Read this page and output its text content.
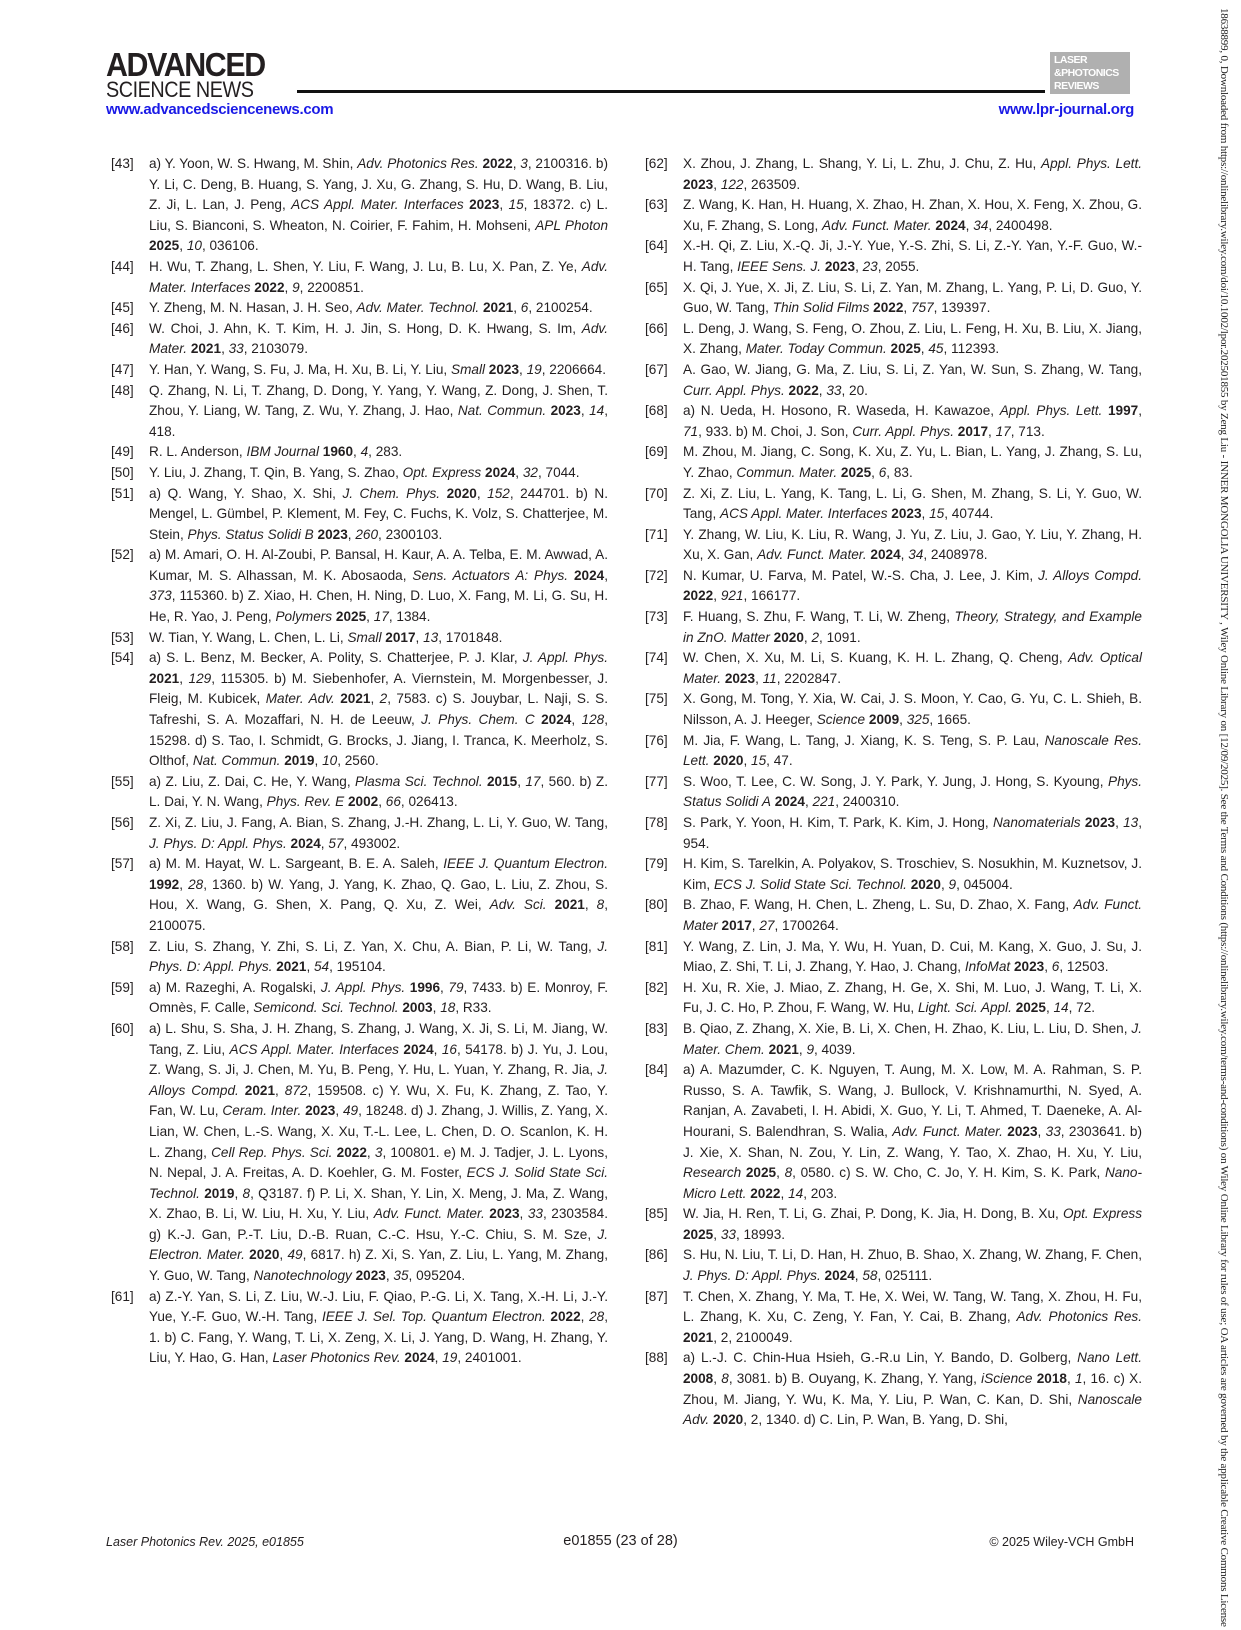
ADVANCED
SCIENCE NEWS
LASER
&PHOTONICS
REVIEWS
www.advancedsciencenews.com	www.lpr-journal.org
[43]	a) Y. Yoon, W. S. Hwang, M. Shin, Adv. Photonics Res. 2022, 3, 2100316. b) Y. Li, C. Deng, B. Huang, S. Yang, J. Xu, G. Zhang, S. Hu, D. Wang, B. Liu, Z. Ji, L. Lan, J. Peng, ACS Appl. Mater. Interfaces 2023, 15, 18372. c) L. Liu, S. Bianconi, S. Wheaton, N. Coirier, F. Fahim, H. Mohseni, APL Photon 2025, 10, 036106.
[44]	H. Wu, T. Zhang, L. Shen, Y. Liu, F. Wang, J. Lu, B. Lu, X. Pan, Z. Ye, Adv. Mater. Interfaces 2022, 9, 2200851.
[45]	Y. Zheng, M. N. Hasan, J. H. Seo, Adv. Mater. Technol. 2021, 6, 2100254.
[46]	W. Choi, J. Ahn, K. T. Kim, H. J. Jin, S. Hong, D. K. Hwang, S. Im, Adv. Mater. 2021, 33, 2103079.
[47]	Y. Han, Y. Wang, S. Fu, J. Ma, H. Xu, B. Li, Y. Liu, Small 2023, 19, 2206664.
[48]	Q. Zhang, N. Li, T. Zhang, D. Dong, Y. Yang, Y. Wang, Z. Dong, J. Shen, T. Zhou, Y. Liang, W. Tang, Z. Wu, Y. Zhang, J. Hao, Nat. Commun. 2023, 14, 418.
[49]	R. L. Anderson, IBM Journal 1960, 4, 283.
[50]	Y. Liu, J. Zhang, T. Qin, B. Yang, S. Zhao, Opt. Express 2024, 32, 7044.
[51]	a) Q. Wang, Y. Shao, X. Shi, J. Chem. Phys. 2020, 152, 244701. b) N. Mengel, L. Gümbel, P. Klement, M. Fey, C. Fuchs, K. Volz, S. Chatterjee, M. Stein, Phys. Status Solidi B 2023, 260, 2300103.
[52]	a) M. Amari, O. H. Al-Zoubi, P. Bansal, H. Kaur, A. A. Telba, E. M. Awwad, A. Kumar, M. S. Alhassan, M. K. Abosaoda, Sens. Actuators A: Phys. 2024, 373, 115360. b) Z. Xiao, H. Chen, H. Ning, D. Luo, X. Fang, M. Li, G. Su, H. He, R. Yao, J. Peng, Polymers 2025, 17, 1384.
[53]	W. Tian, Y. Wang, L. Chen, L. Li, Small 2017, 13, 1701848.
[54]	a) S. L. Benz, M. Becker, A. Polity, S. Chatterjee, P. J. Klar, J. Appl. Phys. 2021, 129, 115305. b) M. Siebenhofer, A. Viernstein, M. Morgenbesser, J. Fleig, M. Kubicek, Mater. Adv. 2021, 2, 7583. c) S. Jouybar, L. Naji, S. S. Tafreshi, S. A. Mozaffari, N. H. de Leeuw, J. Phys. Chem. C 2024, 128, 15298. d) S. Tao, I. Schmidt, G. Brocks, J. Jiang, I. Tranca, K. Meerholz, S. Olthof, Nat. Commun. 2019, 10, 2560.
[55]	a) Z. Liu, Z. Dai, C. He, Y. Wang, Plasma Sci. Technol. 2015, 17, 560. b) Z. L. Dai, Y. N. Wang, Phys. Rev. E 2002, 66, 026413.
[56]	Z. Xi, Z. Liu, J. Fang, A. Bian, S. Zhang, J.-H. Zhang, L. Li, Y. Guo, W. Tang, J. Phys. D: Appl. Phys. 2024, 57, 493002.
[57]	a) M. M. Hayat, W. L. Sargeant, B. E. A. Saleh, IEEE J. Quantum Electron. 1992, 28, 1360. b) W. Yang, J. Yang, K. Zhao, Q. Gao, L. Liu, Z. Zhou, S. Hou, X. Wang, G. Shen, X. Pang, Q. Xu, Z. Wei, Adv. Sci. 2021, 8, 2100075.
[58]	Z. Liu, S. Zhang, Y. Zhi, S. Li, Z. Yan, X. Chu, A. Bian, P. Li, W. Tang, J. Phys. D: Appl. Phys. 2021, 54, 195104.
[59]	a) M. Razeghi, A. Rogalski, J. Appl. Phys. 1996, 79, 7433. b) E. Monroy, F. Omnès, F. Calle, Semicond. Sci. Technol. 2003, 18, R33.
[60]	a) L. Shu, S. Sha, J. H. Zhang, S. Zhang, J. Wang, X. Ji, S. Li, M. Jiang, W. Tang, Z. Liu, ACS Appl. Mater. Interfaces 2024, 16, 54178. b) J. Yu, J. Lou, Z. Wang, S. Ji, J. Chen, M. Yu, B. Peng, Y. Hu, L. Yuan, Y. Zhang, R. Jia, J. Alloys Compd. 2021, 872, 159508. c) Y. Wu, X. Fu, K. Zhang, Z. Tao, Y. Fan, W. Lu, Ceram. Inter. 2023, 49, 18248. d) J. Zhang, J. Willis, Z. Yang, X. Lian, W. Chen, L.-S. Wang, X. Xu, T.-L. Lee, L. Chen, D. O. Scanlon, K. H. L. Zhang, Cell Rep. Phys. Sci. 2022, 3, 100801. e) M. J. Tadjer, J. L. Lyons, N. Nepal, J. A. Freitas, A. D. Koehler, G. M. Foster, ECS J. Solid State Sci. Technol. 2019, 8, Q3187. f) P. Li, X. Shan, Y. Lin, X. Meng, J. Ma, Z. Wang, X. Zhao, B. Li, W. Liu, H. Xu, Y. Liu, Adv. Funct. Mater. 2023, 33, 2303584. g) K.-J. Gan, P.-T. Liu, D.-B. Ruan, C.-C. Hsu, Y.-C. Chiu, S. M. Sze, J. Electron. Mater. 2020, 49, 6817. h) Z. Xi, S. Yan, Z. Liu, L. Yang, M. Zhang, Y. Guo, W. Tang, Nanotechnology 2023, 35, 095204.
[61]	a) Z.-Y. Yan, S. Li, Z. Liu, W.-J. Liu, F. Qiao, P.-G. Li, X. Tang, X.-H. Li, J.-Y. Yue, Y.-F. Guo, W.-H. Tang, IEEE J. Sel. Top. Quantum Electron. 2022, 28, 1. b) C. Fang, Y. Wang, T. Li, X. Zeng, X. Li, J. Yang, D. Wang, H. Zhang, Y. Liu, Y. Hao, G. Han, Laser Photonics Rev. 2024, 19, 2401001.
[62]	X. Zhou, J. Zhang, L. Shang, Y. Li, L. Zhu, J. Chu, Z. Hu, Appl. Phys. Lett. 2023, 122, 263509.
[63]	Z. Wang, K. Han, H. Huang, X. Zhao, H. Zhan, X. Hou, X. Feng, X. Zhou, G. Xu, F. Zhang, S. Long, Adv. Funct. Mater. 2024, 34, 2400498.
[64]	X.-H. Qi, Z. Liu, X.-Q. Ji, J.-Y. Yue, Y.-S. Zhi, S. Li, Z.-Y. Yan, Y.-F. Guo, W.-H. Tang, IEEE Sens. J. 2023, 23, 2055.
[65]	X. Qi, J. Yue, X. Ji, Z. Liu, S. Li, Z. Yan, M. Zhang, L. Yang, P. Li, D. Guo, Y. Guo, W. Tang, Thin Solid Films 2022, 757, 139397.
[66]	L. Deng, J. Wang, S. Feng, O. Zhou, Z. Liu, L. Feng, H. Xu, B. Liu, X. Jiang, X. Zhang, Mater. Today Commun. 2025, 45, 112393.
[67]	A. Gao, W. Jiang, G. Ma, Z. Liu, S. Li, Z. Yan, W. Sun, S. Zhang, W. Tang, Curr. Appl. Phys. 2022, 33, 20.
[68]	a) N. Ueda, H. Hosono, R. Waseda, H. Kawazoe, Appl. Phys. Lett. 1997, 71, 933. b) M. Choi, J. Son, Curr. Appl. Phys. 2017, 17, 713.
[69]	M. Zhou, M. Jiang, C. Song, K. Xu, Z. Yu, L. Bian, L. Yang, J. Zhang, S. Lu, Y. Zhao, Commun. Mater. 2025, 6, 83.
[70]	Z. Xi, Z. Liu, L. Yang, K. Tang, L. Li, G. Shen, M. Zhang, S. Li, Y. Guo, W. Tang, ACS Appl. Mater. Interfaces 2023, 15, 40744.
[71]	Y. Zhang, W. Liu, K. Liu, R. Wang, J. Yu, Z. Liu, J. Gao, Y. Liu, Y. Zhang, H. Xu, X. Gan, Adv. Funct. Mater. 2024, 34, 2408978.
[72]	N. Kumar, U. Farva, M. Patel, W.-S. Cha, J. Lee, J. Kim, J. Alloys Compd. 2022, 921, 166177.
[73]	F. Huang, S. Zhu, F. Wang, T. Li, W. Zheng, Theory, Strategy, and Example in ZnO. Matter 2020, 2, 1091.
[74]	W. Chen, X. Xu, M. Li, S. Kuang, K. H. L. Zhang, Q. Cheng, Adv. Optical Mater. 2023, 11, 2202847.
[75]	X. Gong, M. Tong, Y. Xia, W. Cai, J. S. Moon, Y. Cao, G. Yu, C. L. Shieh, B. Nilsson, A. J. Heeger, Science 2009, 325, 1665.
[76]	M. Jia, F. Wang, L. Tang, J. Xiang, K. S. Teng, S. P. Lau, Nanoscale Res. Lett. 2020, 15, 47.
[77]	S. Woo, T. Lee, C. W. Song, J. Y. Park, Y. Jung, J. Hong, S. Kyoung, Phys. Status Solidi A 2024, 221, 2400310.
[78]	S. Park, Y. Yoon, H. Kim, T. Park, K. Kim, J. Hong, Nanomaterials 2023, 13, 954.
[79]	H. Kim, S. Tarelkin, A. Polyakov, S. Troschiev, S. Nosukhin, M. Kuznetsov, J. Kim, ECS J. Solid State Sci. Technol. 2020, 9, 045004.
[80]	B. Zhao, F. Wang, H. Chen, L. Zheng, L. Su, D. Zhao, X. Fang, Adv. Funct. Mater 2017, 27, 1700264.
[81]	Y. Wang, Z. Lin, J. Ma, Y. Wu, H. Yuan, D. Cui, M. Kang, X. Guo, J. Su, J. Miao, Z. Shi, T. Li, J. Zhang, Y. Hao, J. Chang, InfoMat 2023, 6, 12503.
[82]	H. Xu, R. Xie, J. Miao, Z. Zhang, H. Ge, X. Shi, M. Luo, J. Wang, T. Li, X. Fu, J. C. Ho, P. Zhou, F. Wang, W. Hu, Light. Sci. Appl. 2025, 14, 72.
[83]	B. Qiao, Z. Zhang, X. Xie, B. Li, X. Chen, H. Zhao, K. Liu, L. Liu, D. Shen, J. Mater. Chem. 2021, 9, 4039.
[84]	a) A. Mazumder, C. K. Nguyen, T. Aung, M. X. Low, M. A. Rahman, S. P. Russo, S. A. Tawfik, S. Wang, J. Bullock, V. Krishnamurthi, N. Syed, A. Ranjan, A. Zavabeti, I. H. Abidi, X. Guo, Y. Li, T. Ahmed, T. Daeneke, A. Al-Hourani, S. Balendhran, S. Walia, Adv. Funct. Mater. 2023, 33, 2303641. b) J. Xie, X. Shan, N. Zou, Y. Lin, Z. Wang, Y. Tao, X. Zhao, H. Xu, Y. Liu, Research 2025, 8, 0580. c) S. W. Cho, C. Jo, Y. H. Kim, S. K. Park, Nano-Micro Lett. 2022, 14, 203.
[85]	W. Jia, H. Ren, T. Li, G. Zhai, P. Dong, K. Jia, H. Dong, B. Xu, Opt. Express 2025, 33, 18993.
[86]	S. Hu, N. Liu, T. Li, D. Han, H. Zhuo, B. Shao, X. Zhang, W. Zhang, F. Chen, J. Phys. D: Appl. Phys. 2024, 58, 025111.
[87]	T. Chen, X. Zhang, Y. Ma, T. He, X. Wei, W. Tang, W. Tang, X. Zhou, H. Fu, L. Zhang, K. Xu, C. Zeng, Y. Fan, Y. Cai, B. Zhang, Adv. Photonics Res. 2021, 2, 2100049.
[88]	a) L.-J. C. Chin-Hua Hsieh, G.-R.u Lin, Y. Bando, D. Golberg, Nano Lett. 2008, 8, 3081. b) B. Ouyang, K. Zhang, Y. Yang, iScience 2018, 1, 16. c) X. Zhou, M. Jiang, Y. Wu, K. Ma, Y. Liu, P. Wan, C. Kan, D. Shi, Nanoscale Adv. 2020, 2, 1340. d) C. Lin, P. Wan, B. Yang, D. Shi,
Laser Photonics Rev. 2025, e01855	e01855 (23 of 28)	© 2025 Wiley-VCH GmbH	18638899, 0, Downloaded from https://onlinelibrary.wiley.com/doi/10.1002/lpor.202501855 by Zeng Liu - INNER MONGOLIA UNIVERSITY , Wiley Online Library on [12/09/2025]. See the Terms and Conditions (https://onlinelibrary.wiley.com/terms-and-conditions) on Wiley Online Library for rules of use; OA articles are governed by the applicable Creative Commons License
